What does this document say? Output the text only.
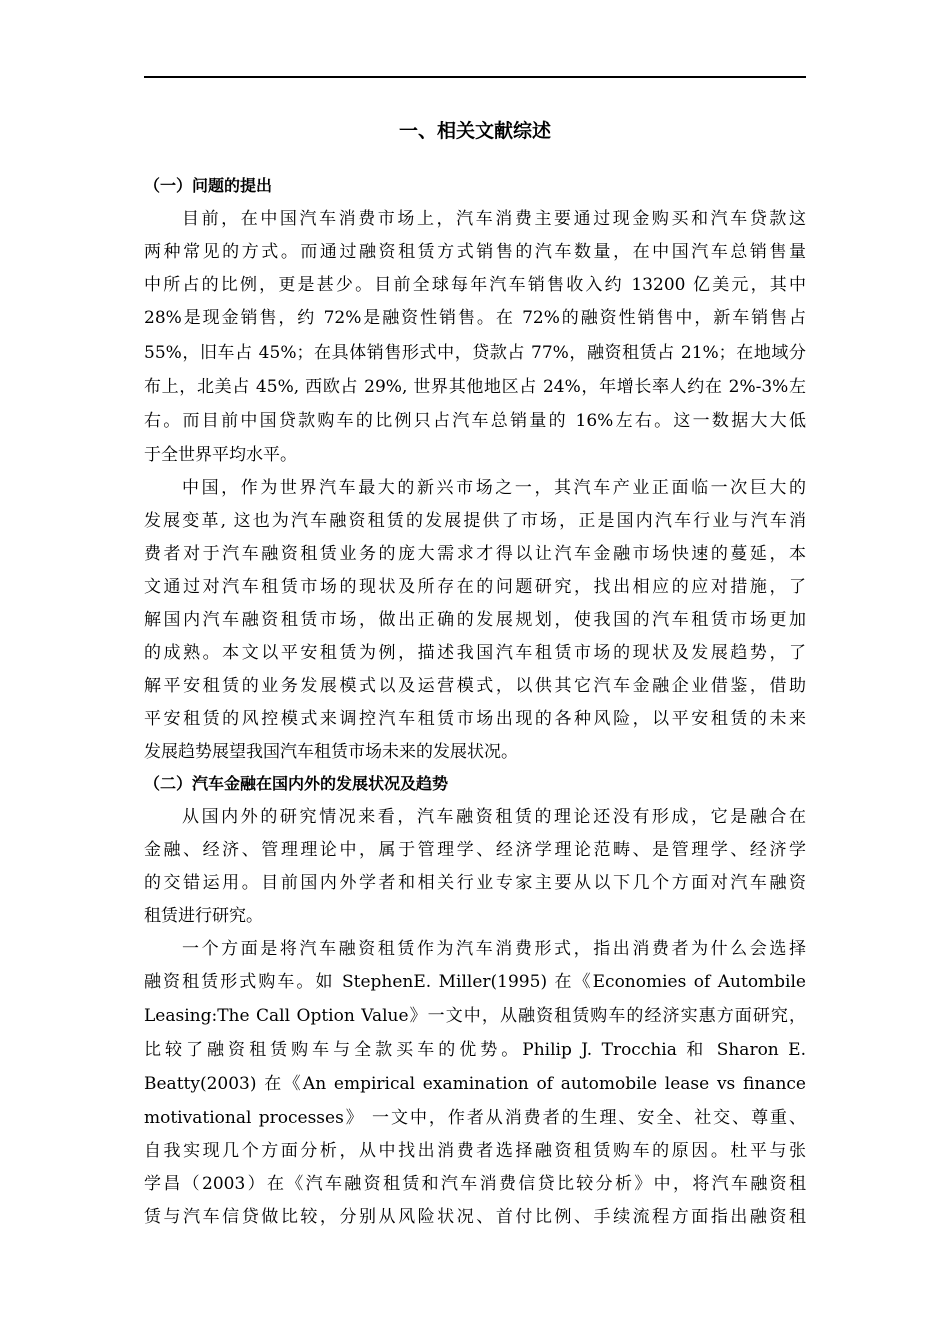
一、相关文献综述
（一）问题的提出
目前，在中国汽车消费市场上，汽车消费主要通过现金购买和汽车贷款这
两种常见的方式。而通过融资租赁方式销售的汽车数量，在中国汽车总销售量
中所占的比例，更是甚少。目前全球每年汽车销售收入约 13200 亿美元，其中
28%是现金销售，约 72%是融资性销售。在 72%的融资性销售中，新车销售占
55%，旧车占 45%；在具体销售形式中，贷款占 77%，融资租赁占 21%；在地域分
布上，北美占 45%, 西欧占 29%, 世界其他地区占 24%，年增长率人约在 2%-3%左
右。而目前中国贷款购车的比例只占汽车总销量的 16%左右。这一数据大大低
于全世界平均水平。
中国，作为世界汽车最大的新兴市场之一，其汽车产业正面临一次巨大的
发展变革, 这也为汽车融资租赁的发展提供了市场，正是国内汽车行业与汽车消
费者对于汽车融资租赁业务的庞大需求才得以让汽车金融市场快速的蔓延，本
文通过对汽车租赁市场的现状及所存在的问题研究，找出相应的应对措施，了
解国内汽车融资租赁市场，做出正确的发展规划，使我国的汽车租赁市场更加
的成熟。本文以平安租赁为例，描述我国汽车租赁市场的现状及发展趋势，了
解平安租赁的业务发展模式以及运营模式，以供其它汽车金融企业借鉴，借助
平安租赁的风控模式来调控汽车租赁市场出现的各种风险，以平安租赁的未来
发展趋势展望我国汽车租赁市场未来的发展状况。
（二）汽车金融在国内外的发展状况及趋势
从国内外的研究情况来看，汽车融资租赁的理论还没有形成，它是融合在
金融、经济、管理理论中，属于管理学、经济学理论范畴、是管理学、经济学
的交错运用。目前国内外学者和相关行业专家主要从以下几个方面对汽车融资
租赁进行研究。
一个方面是将汽车融资租赁作为汽车消费形式，指出消费者为什么会选择
融资租赁形式购车。如 StephenE. Miller(1995) 在《Economies of Autombile
Leasing:The Call Option Value》一文中，从融资租赁购车的经济实惠方面研究，
比较了融资租赁购车与全款买车的优势。Philip J. Trocchia 和 Sharon E.
Beatty(2003) 在《An empirical examination of automobile lease vs finance
motivational processes》 一文中，作者从消费者的生理、安全、社交、尊重、
自我实现几个方面分析，从中找出消费者选择融资租赁购车的原因。杜平与张
学昌（2003）在《汽车融资租赁和汽车消费信贷比较分析》中，将汽车融资租
赁与汽车信贷做比较，分别从风险状况、首付比例、手续流程方面指出融资租
